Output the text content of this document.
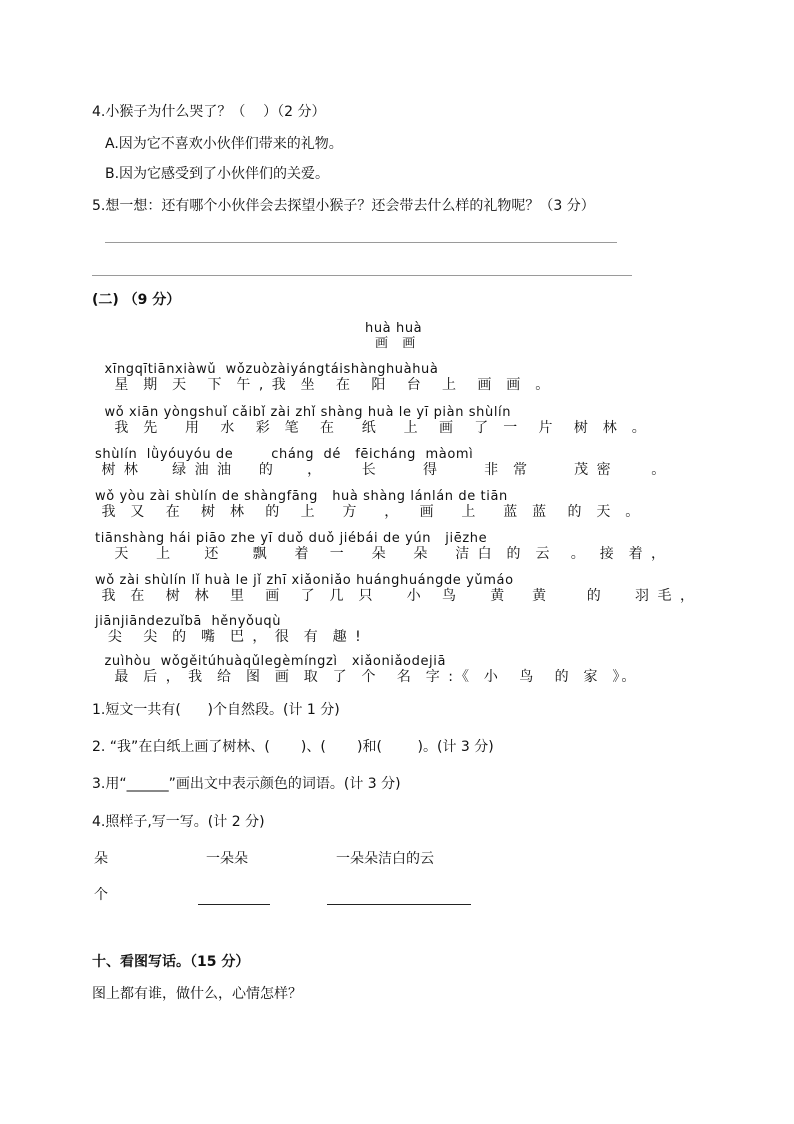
4.小猴子为什么哭了？（    ）（2 分）
A.因为它不喜欢小伙伴们带来的礼物。
B.因为它感受到了小伙伴们的关爱。
5.想一想：还有哪个小伙伴会去探望小猴子？还会带去什么样的礼物呢？（3 分）
(二) （9 分）
huà huà
画  画
xīngqītiānxiàwǔ  wǒzuòzàiyángtáishànghuàhuà
星  期  天   下  午 , 我  坐   在   阳   台   上   画  画  。
wǒ xiān yòngshuǐ cǎibǐ zài zhǐ shàng huà le yī piàn shùlín
我  先    用   水   彩  笔   在    纸    上   画   了  一   片   树  林  。
shùlín  lǜyóuyóu de        cháng  dé   fēicháng  màomì
树 林     绿 油 油    的     ，      长       得       非  常       茂 密      。
wǒ yòu zài shùlín de shàngfāng   huà shàng lánlán de tiān
我  又   在   树  林   的   上    方    ，   画    上    蓝  蓝   的  天  。
tiānshàng hái piāo zhe yī duǒ duǒ jiébái de yún   jiēzhe
天    上     还     飘    着   一    朵    朵    洁 白  的  云   。  接  着 ，
wǒ zài shùlín lǐ huà le jǐ zhī xiǎoniǎo huánghuángde yǔmáo
我  在   树  林   里   画   了  几  只     小   鸟     黄    黄      的     羽 毛 ，
jiānjiāndezuǐbā  hěnyǒuqù
尖   尖  的  嘴  巴 ， 很  有  趣 !
zuìhòu  wǒgěitúhuàqǔlegèmíngzì   xiǎoniǎodejiā
最  后 ， 我  给  图  画  取  了  个   名  字 :《  小   鸟   的  家  》。
1.短文一共有(      )个自然段。(计 1 分)
2. “我”在白纸上画了树林、(       )、(       )和(        )。(计 3 分)
3.用“______”画出文中表示颜色的词语。(计 3 分)
4.照样子,写一写。(计 2 分)
朵	一朵朵	一朵朵洁白的云
个
十、看图写话。（15 分）
图上都有谁，做什么，心情怎样？
